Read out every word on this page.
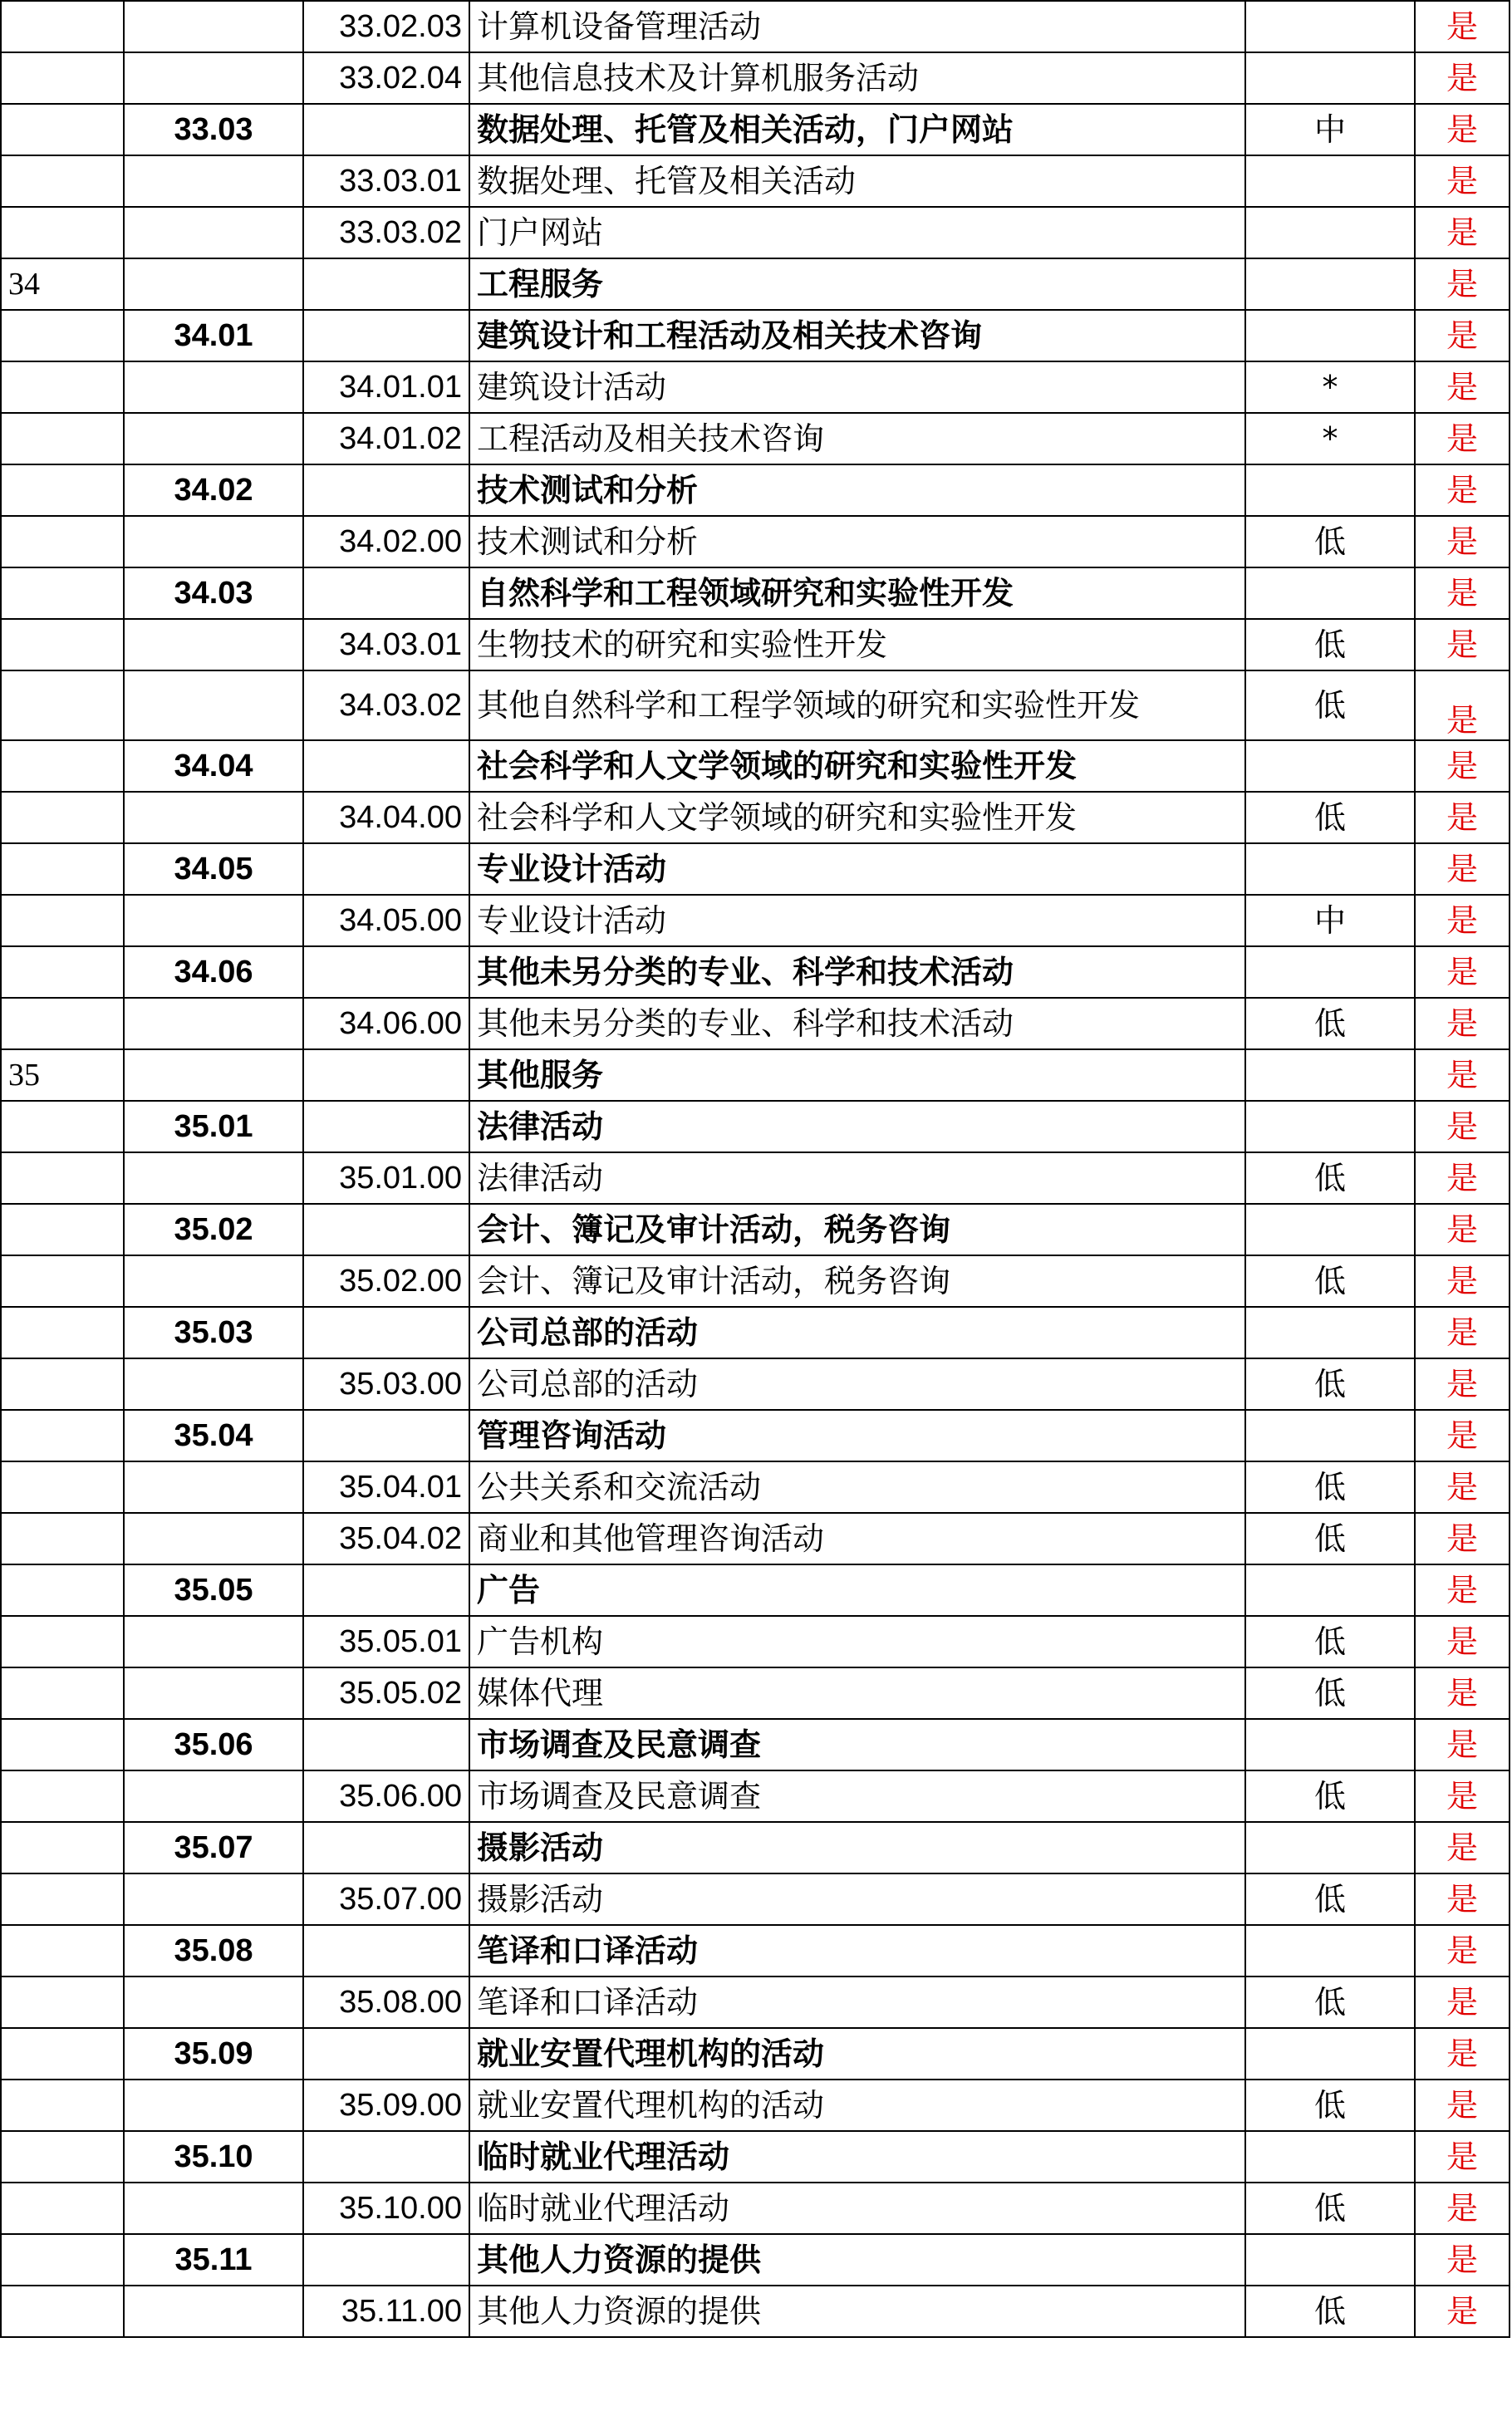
		33.02.03	计算机设备管理活动		是
		33.02.04	其他信息技术及计算机服务活动		是
	33.03		数据处理、托管及相关活动，门户网站	中	是
		33.03.01	数据处理、托管及相关活动		是
		33.03.02	门户网站		是
34			工程服务		是
	34.01		建筑设计和工程活动及相关技术咨询		是
		34.01.01	建筑设计活动	*	是
		34.01.02	工程活动及相关技术咨询	*	是
	34.02		技术测试和分析		是
		34.02.00	技术测试和分析	低	是
	34.03		自然科学和工程领域研究和实验性开发		是
		34.03.01	生物技术的研究和实验性开发	低	是
		34.03.02	其他自然科学和工程学领域的研究和实验性开发	低	是
	34.04		社会科学和人文学领域的研究和实验性开发		是
		34.04.00	社会科学和人文学领域的研究和实验性开发	低	是
	34.05		专业设计活动		是
		34.05.00	专业设计活动	中	是
	34.06		其他未另分类的专业、科学和技术活动		是
		34.06.00	其他未另分类的专业、科学和技术活动	低	是
35			其他服务		是
	35.01		法律活动		是
		35.01.00	法律活动	低	是
	35.02		会计、簿记及审计活动，税务咨询		是
		35.02.00	会计、簿记及审计活动，税务咨询	低	是
	35.03		公司总部的活动		是
		35.03.00	公司总部的活动	低	是
	35.04		管理咨询活动		是
		35.04.01	公共关系和交流活动	低	是
		35.04.02	商业和其他管理咨询活动	低	是
	35.05		广告		是
		35.05.01	广告机构	低	是
		35.05.02	媒体代理	低	是
	35.06		市场调查及民意调查		是
		35.06.00	市场调查及民意调查	低	是
	35.07		摄影活动		是
		35.07.00	摄影活动	低	是
	35.08		笔译和口译活动		是
		35.08.00	笔译和口译活动	低	是
	35.09		就业安置代理机构的活动		是
		35.09.00	就业安置代理机构的活动	低	是
	35.10		临时就业代理活动		是
		35.10.00	临时就业代理活动	低	是
	35.11		其他人力资源的提供		是
		35.11.00	其他人力资源的提供	低	是
